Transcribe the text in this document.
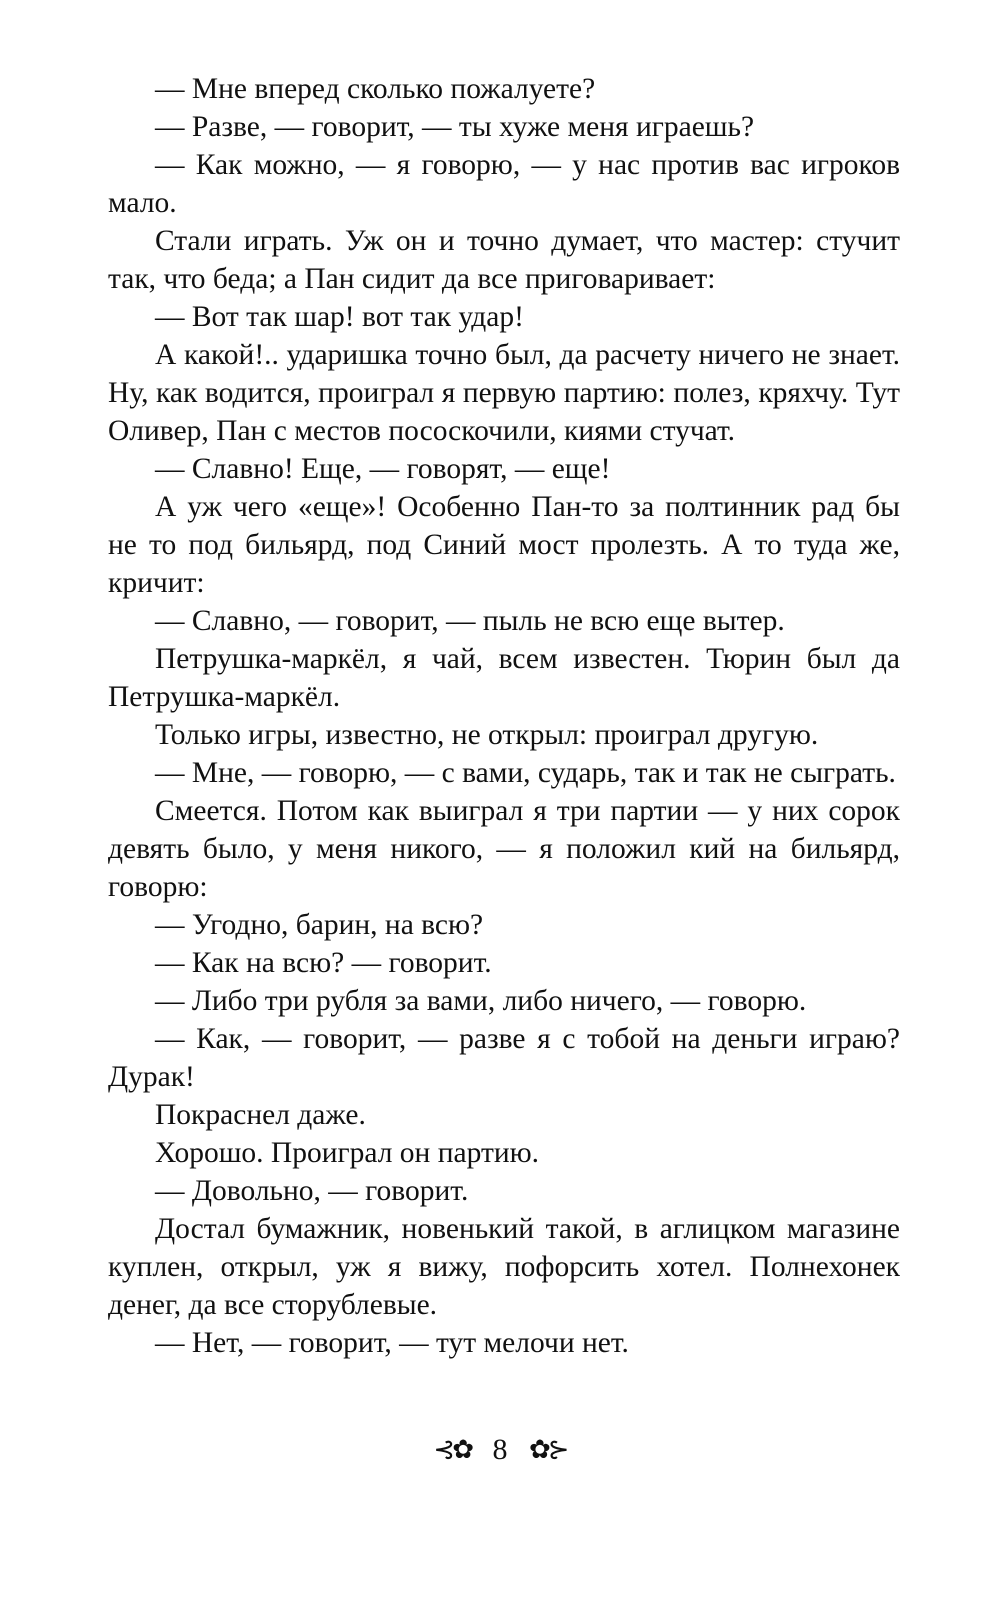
— Мне вперед сколько пожалуете?

— Разве, — говорит, — ты хуже меня играешь?

— Как можно, — я говорю, — у нас против вас игроков мало.

Стали играть. Уж он и точно думает, что мастер: стучит так, что беда; а Пан сидит да все приговаривает:

— Вот так шар! вот так удар!

А какой!.. ударишка точно был, да расчету ничего не знает. Ну, как водится, проиграл я первую партию: полез, кряхчу. Тут Оливер, Пан с местов пососкочили, киями стучат.

— Славно! Еще, — говорят, — еще!

А уж чего «еще»! Особенно Пан-то за полтинник рад бы не то под бильярд, под Синий мост пролезть. А то туда же, кричит:

— Славно, — говорит, — пыль не всю еще вытер.

Петрушка-маркёл, я чай, всем известен. Тюрин был да Петрушка-маркёл.

Только игры, известно, не открыл: проиграл другую.

— Мне, — говорю, — с вами, сударь, так и так не сыграть.

Смеется. Потом как выиграл я три партии — у них сорок девять было, у меня никого, — я положил кий на бильярд, говорю:

— Угодно, барин, на всю?

— Как на всю? — говорит.

— Либо три рубля за вами, либо ничего, — говорю.

— Как, — говорит, — разве я с тобой на деньги играю? Дурак!

Покраснел даже.

Хорошо. Проиграл он партию.

— Довольно, — говорит.

Достал бумажник, новенький такой, в аглицком магазине куплен, открыл, уж я вижу, пофорсить хотел. Полнехонек денег, да все сторублевые.

— Нет, — говорит, — тут мелочи нет.

⊰✿ 8 ✿⊱
